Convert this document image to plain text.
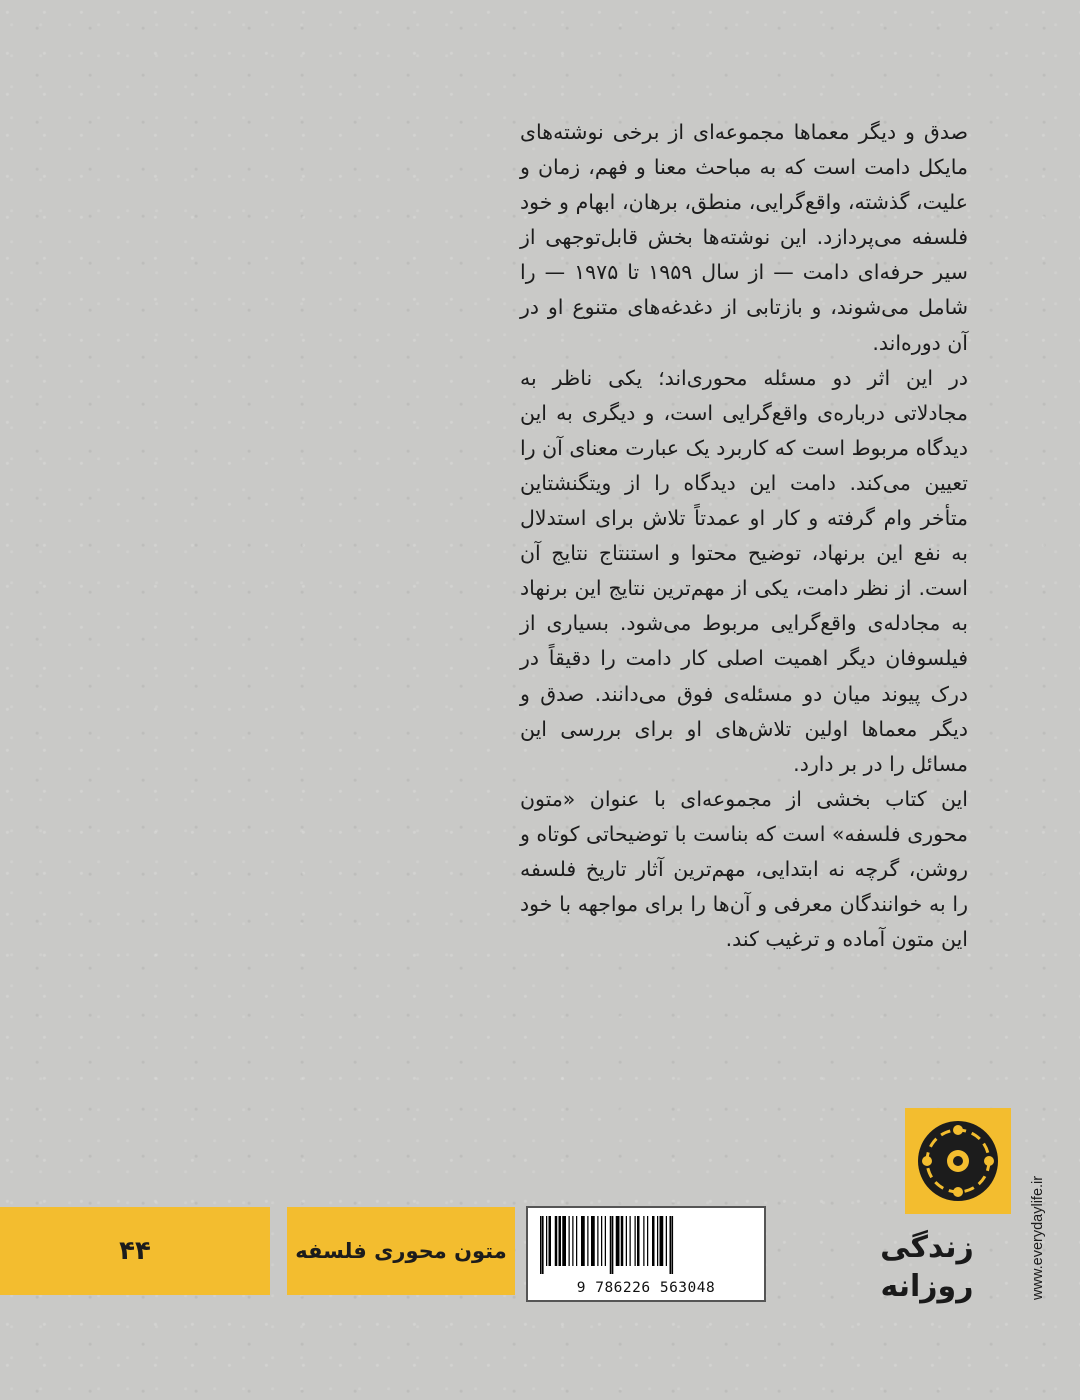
صدق و دیگر معماها مجموعه‌ای از برخی نوشته‌های مایکل دامت است که به مباحث معنا و فهم، زمان و علیت، گذشته، واقع‌گرایی، منطق، برهان، ابهام و خود فلسفه می‌پردازد. این نوشته‌ها بخش قابل‌توجهی از سیر حرفه‌ای دامت — از سال ۱۹۵۹ تا ۱۹۷۵ — را شامل می‌شوند، و بازتابی از دغدغه‌های متنوع او در آن دوره‌اند.

در این اثر دو مسئله محوری‌اند؛ یکی ناظر به مجادلاتی درباره‌ی واقع‌گرایی است، و دیگری به این دیدگاه مربوط است که کاربرد یک عبارت معنای آن را تعیین می‌کند. دامت این دیدگاه را از ویتگنشتاین متأخر وام گرفته و کار او عمدتاً تلاش برای استدلال به نفع این برنهاد، توضیح محتوا و استنتاج نتایج آن است. از نظر دامت، یکی از مهم‌ترین نتایج این برنهاد به مجادله‌ی واقع‌گرایی مربوط می‌شود. بسیاری از فیلسوفان دیگر اهمیت اصلی کار دامت را دقیقاً در درک پیوند میان دو مسئله‌ی فوق می‌دانند. صدق و دیگر معماها اولین تلاش‌های او برای بررسی این مسائل را در بر دارد.

این کتاب بخشی از مجموعه‌ای با عنوان «متون محوری فلسفه» است که بناست با توضیحاتی کوتاه و روشن، گرچه نه ابتدایی، مهم‌ترین آثار تاریخ فلسفه را به خوانندگان معرفی و آن‌ها را برای مواجهه با خود این متون آماده و ترغیب کند.

۴۴	متون محوری فلسفه
9 786226 563048
زندگی
روزانه	www.everydaylife.ir
